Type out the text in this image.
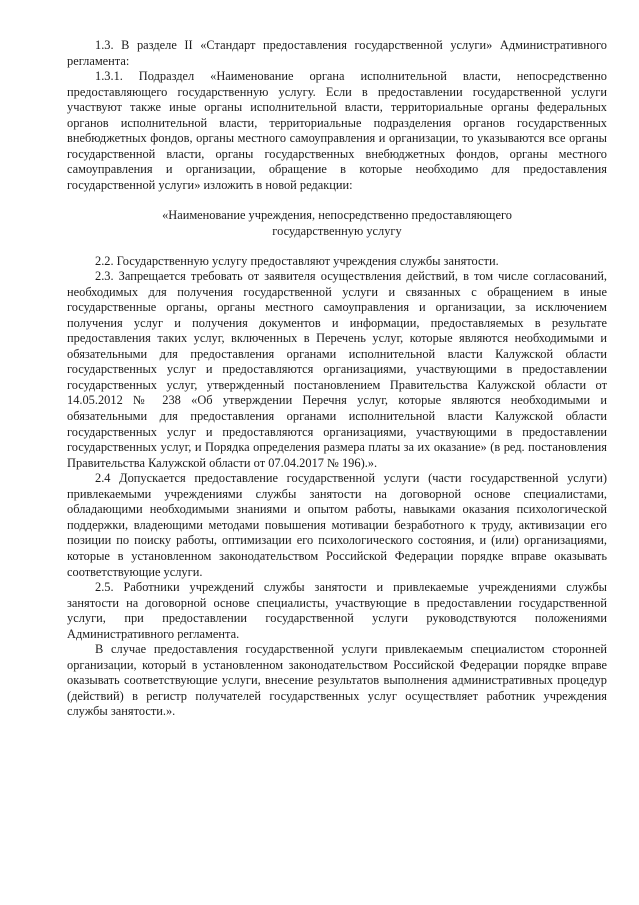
1.3. В разделе II «Стандарт предоставления государственной услуги» Административного регламента:

1.3.1. Подраздел «Наименование органа исполнительной власти, непосредственно предоставляющего государственную услугу. Если в предоставлении государственной услуги участвуют также иные органы исполнительной власти, территориальные органы федеральных органов исполнительной власти, территориальные подразделения органов государственных внебюджетных фондов, органы местного самоуправления и организации, то указываются все органы государственной власти, органы государственных внебюджетных фондов, органы местного самоуправления и организации, обращение в которые необходимо для предоставления государственной услуги» изложить в новой редакции:

«Наименование учреждения, непосредственно предоставляющего государственную услугу

2.2. Государственную услугу предоставляют учреждения службы занятости.

2.3. Запрещается требовать от заявителя осуществления действий, в том числе согласований, необходимых для получения государственной услуги и связанных с обращением в иные государственные органы, органы местного самоуправления и организации, за исключением получения услуг и получения документов и информации, предоставляемых в результате предоставления таких услуг, включенных в Перечень услуг, которые являются необходимыми и обязательными для предоставления органами исполнительной власти Калужской области государственных услуг и предоставляются организациями, участвующими в предоставлении государственных услуг, утвержденный постановлением Правительства Калужской области от 14.05.2012 № 238 «Об утверждении Перечня услуг, которые являются необходимыми и обязательными для предоставления органами исполнительной власти Калужской области государственных услуг и предоставляются организациями, участвующими в предоставлении государственных услуг, и Порядка определения размера платы за их оказание» (в ред. постановления Правительства Калужской области от 07.04.2017 № 196).».

2.4 Допускается предоставление государственной услуги (части государственной услуги) привлекаемыми учреждениями службы занятости на договорной основе специалистами, обладающими необходимыми знаниями и опытом работы, навыками оказания психологической поддержки, владеющими методами повышения мотивации безработного к труду, активизации его позиции по поиску работы, оптимизации его психологического состояния, и (или) организациями, которые в установленном законодательством Российской Федерации порядке вправе оказывать соответствующие услуги.

2.5. Работники учреждений службы занятости и привлекаемые учреждениями службы занятости на договорной основе специалисты, участвующие в предоставлении государственной услуги, при предоставлении государственной услуги руководствуются положениями Административного регламента.

В случае предоставления государственной услуги привлекаемым специалистом сторонней организации, который в установленном законодательством Российской Федерации порядке вправе оказывать соответствующие услуги, внесение результатов выполнения административных процедур (действий) в регистр получателей государственных услуг осуществляет работник учреждения службы занятости.».
